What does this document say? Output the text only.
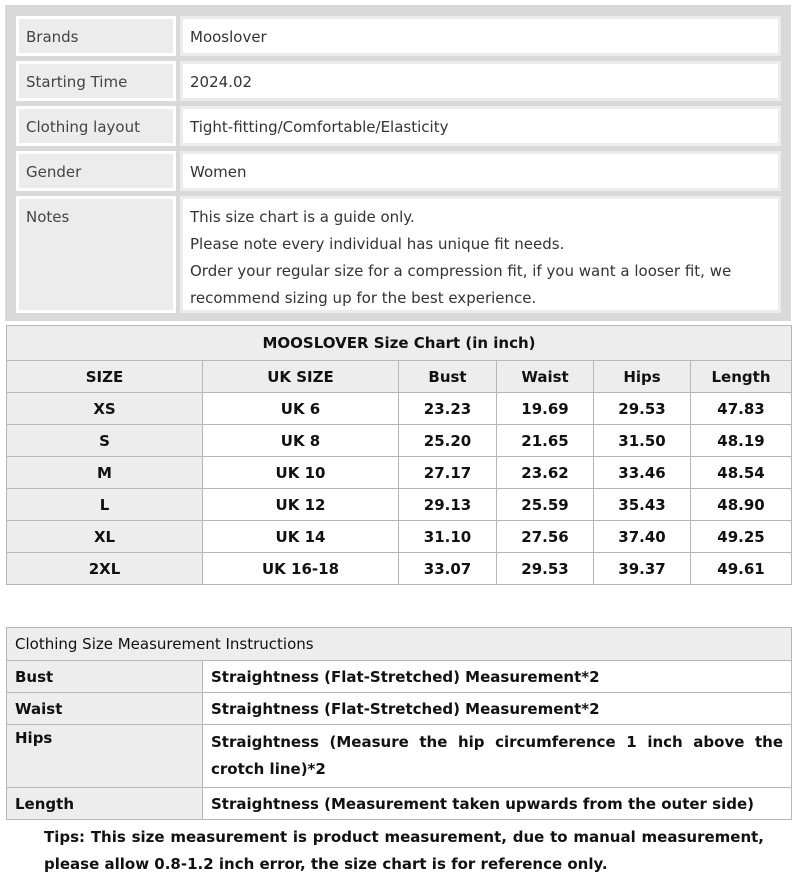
Brands	Mooslover
Starting Time	2024.02
Clothing layout	Tight-fitting/Comfortable/Elasticity
Gender	Women
Notes	This size chart is a guide only.
Please note every individual has unique fit needs.
Order your regular size for a compression fit, if you want a looser fit, we
recommend sizing up for the best experience.
MOOSLOVER Size Chart (in inch)					
SIZE	UK SIZE	Bust	Waist	Hips	Length
XS	UK 6	23.23	19.69	29.53	47.83
S	UK 8	25.20	21.65	31.50	48.19
M	UK 10	27.17	23.62	33.46	48.54
L	UK 12	29.13	25.59	35.43	48.90
XL	UK 14	31.10	27.56	37.40	49.25
2XL	UK 16-18	33.07	29.53	39.37	49.61
Clothing Size Measurement Instructions	
Bust	Straightness (Flat-Stretched) Measurement*2
Waist	Straightness (Flat-Stretched) Measurement*2
Hips	Straightness (Measure the hip circumference 1 inch above the crotch line)*2
Length	Straightness (Measurement taken upwards from the outer side)
Tips: This size measurement is product measurement, due to manual measurement, please allow 0.8-1.2 inch error, the size chart is for reference only.
